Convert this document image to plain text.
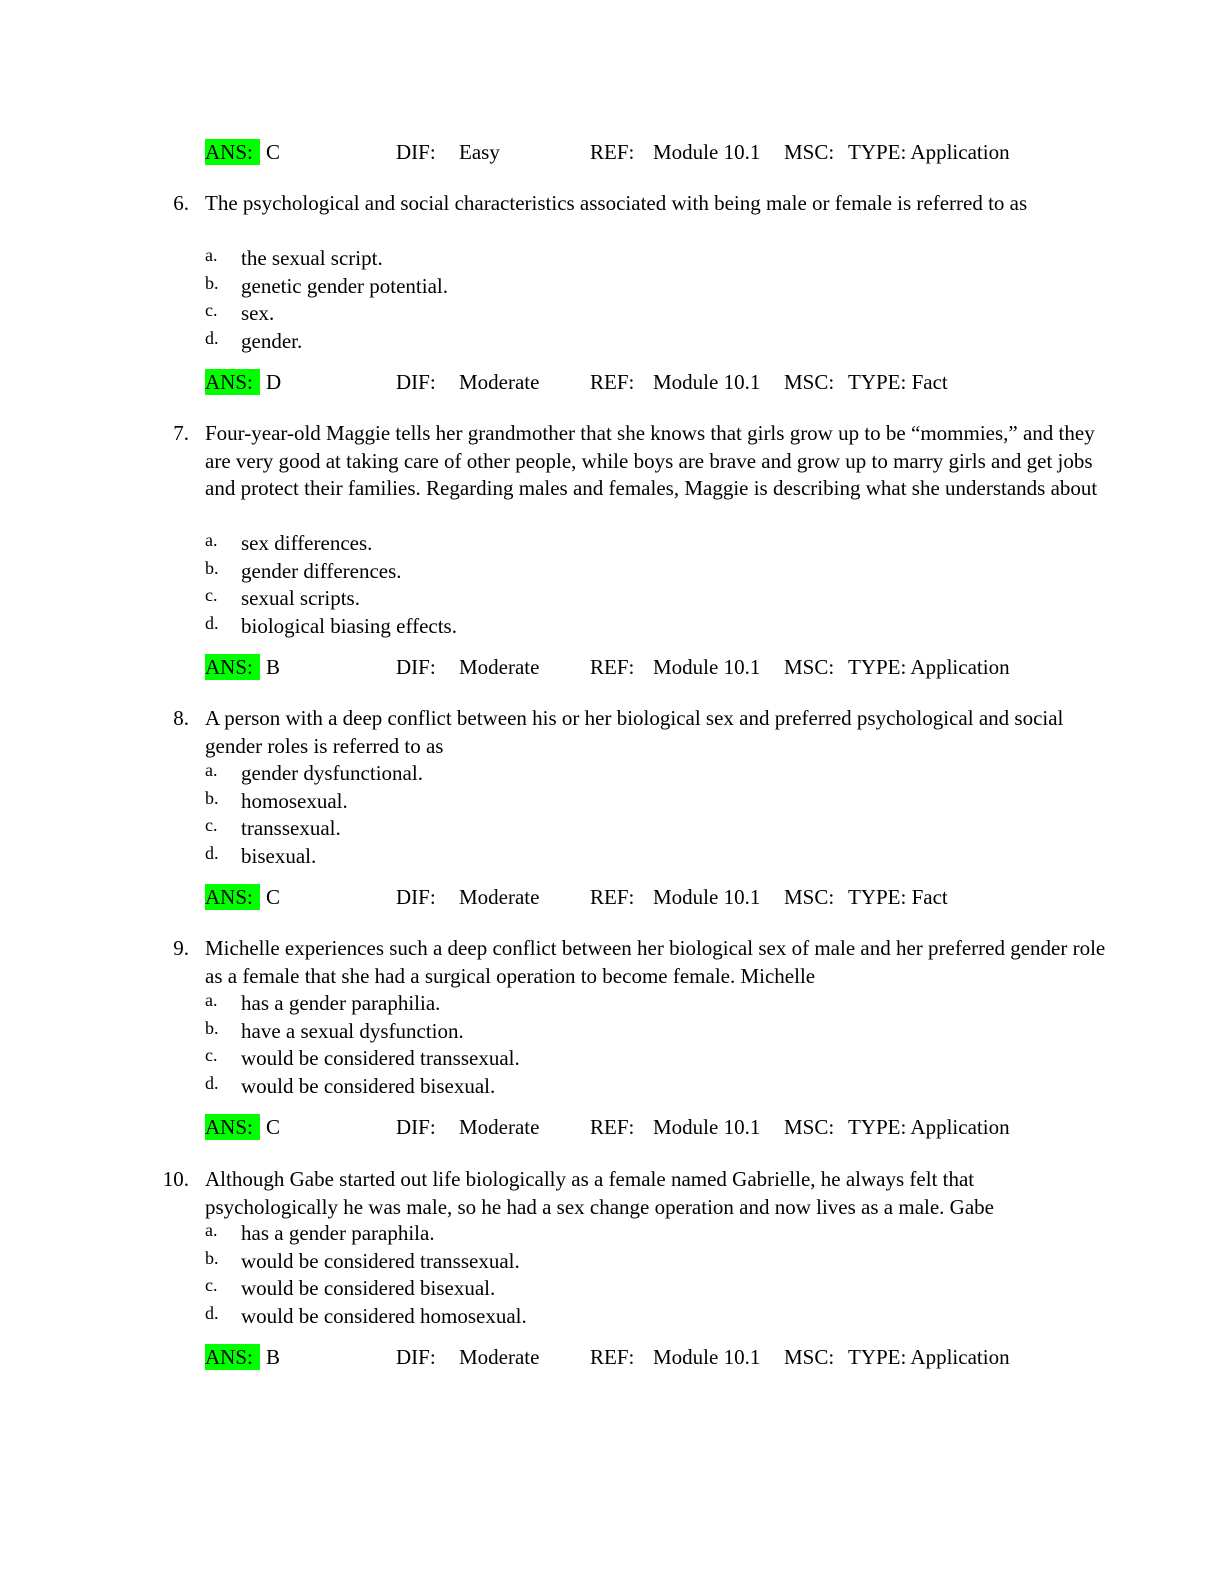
ANS: C	DIF: Easy	REF: Module 10.1 MSC: TYPE: Application
6. The psychological and social characteristics associated with being male or female is referred to as
a. the sexual script.
b. genetic gender potential.
c. sex.
d. gender.
ANS: D	DIF: Moderate REF: Module 10.1 MSC: TYPE: Fact
7. Four-year-old Maggie tells her grandmother that she knows that girls grow up to be “mommies,” and they are very good at taking care of other people, while boys are brave and grow up to marry girls and get jobs and protect their families. Regarding males and females, Maggie is describing what she understands about
a. sex differences.
b. gender differences.
c. sexual scripts.
d. biological biasing effects.
ANS: B	DIF: Moderate REF: Module 10.1 MSC: TYPE: Application
8. A person with a deep conflict between his or her biological sex and preferred psychological and social gender roles is referred to as
a. gender dysfunctional.
b. homosexual.
c. transsexual.
d. bisexual.
ANS: C	DIF: Moderate REF: Module 10.1 MSC: TYPE: Fact
9. Michelle experiences such a deep conflict between her biological sex of male and her preferred gender role as a female that she had a surgical operation to become female. Michelle
a. has a gender paraphilia.
b. have a sexual dysfunction.
c. would be considered transsexual.
d. would be considered bisexual.
ANS: C	DIF: Moderate REF: Module 10.1 MSC: TYPE: Application
10. Although Gabe started out life biologically as a female named Gabrielle, he always felt that psychologically he was male, so he had a sex change operation and now lives as a male. Gabe
a. has a gender paraphila.
b. would be considered transsexual.
c. would be considered bisexual.
d. would be considered homosexual.
ANS: B	DIF: Moderate REF: Module 10.1 MSC: TYPE: Application
